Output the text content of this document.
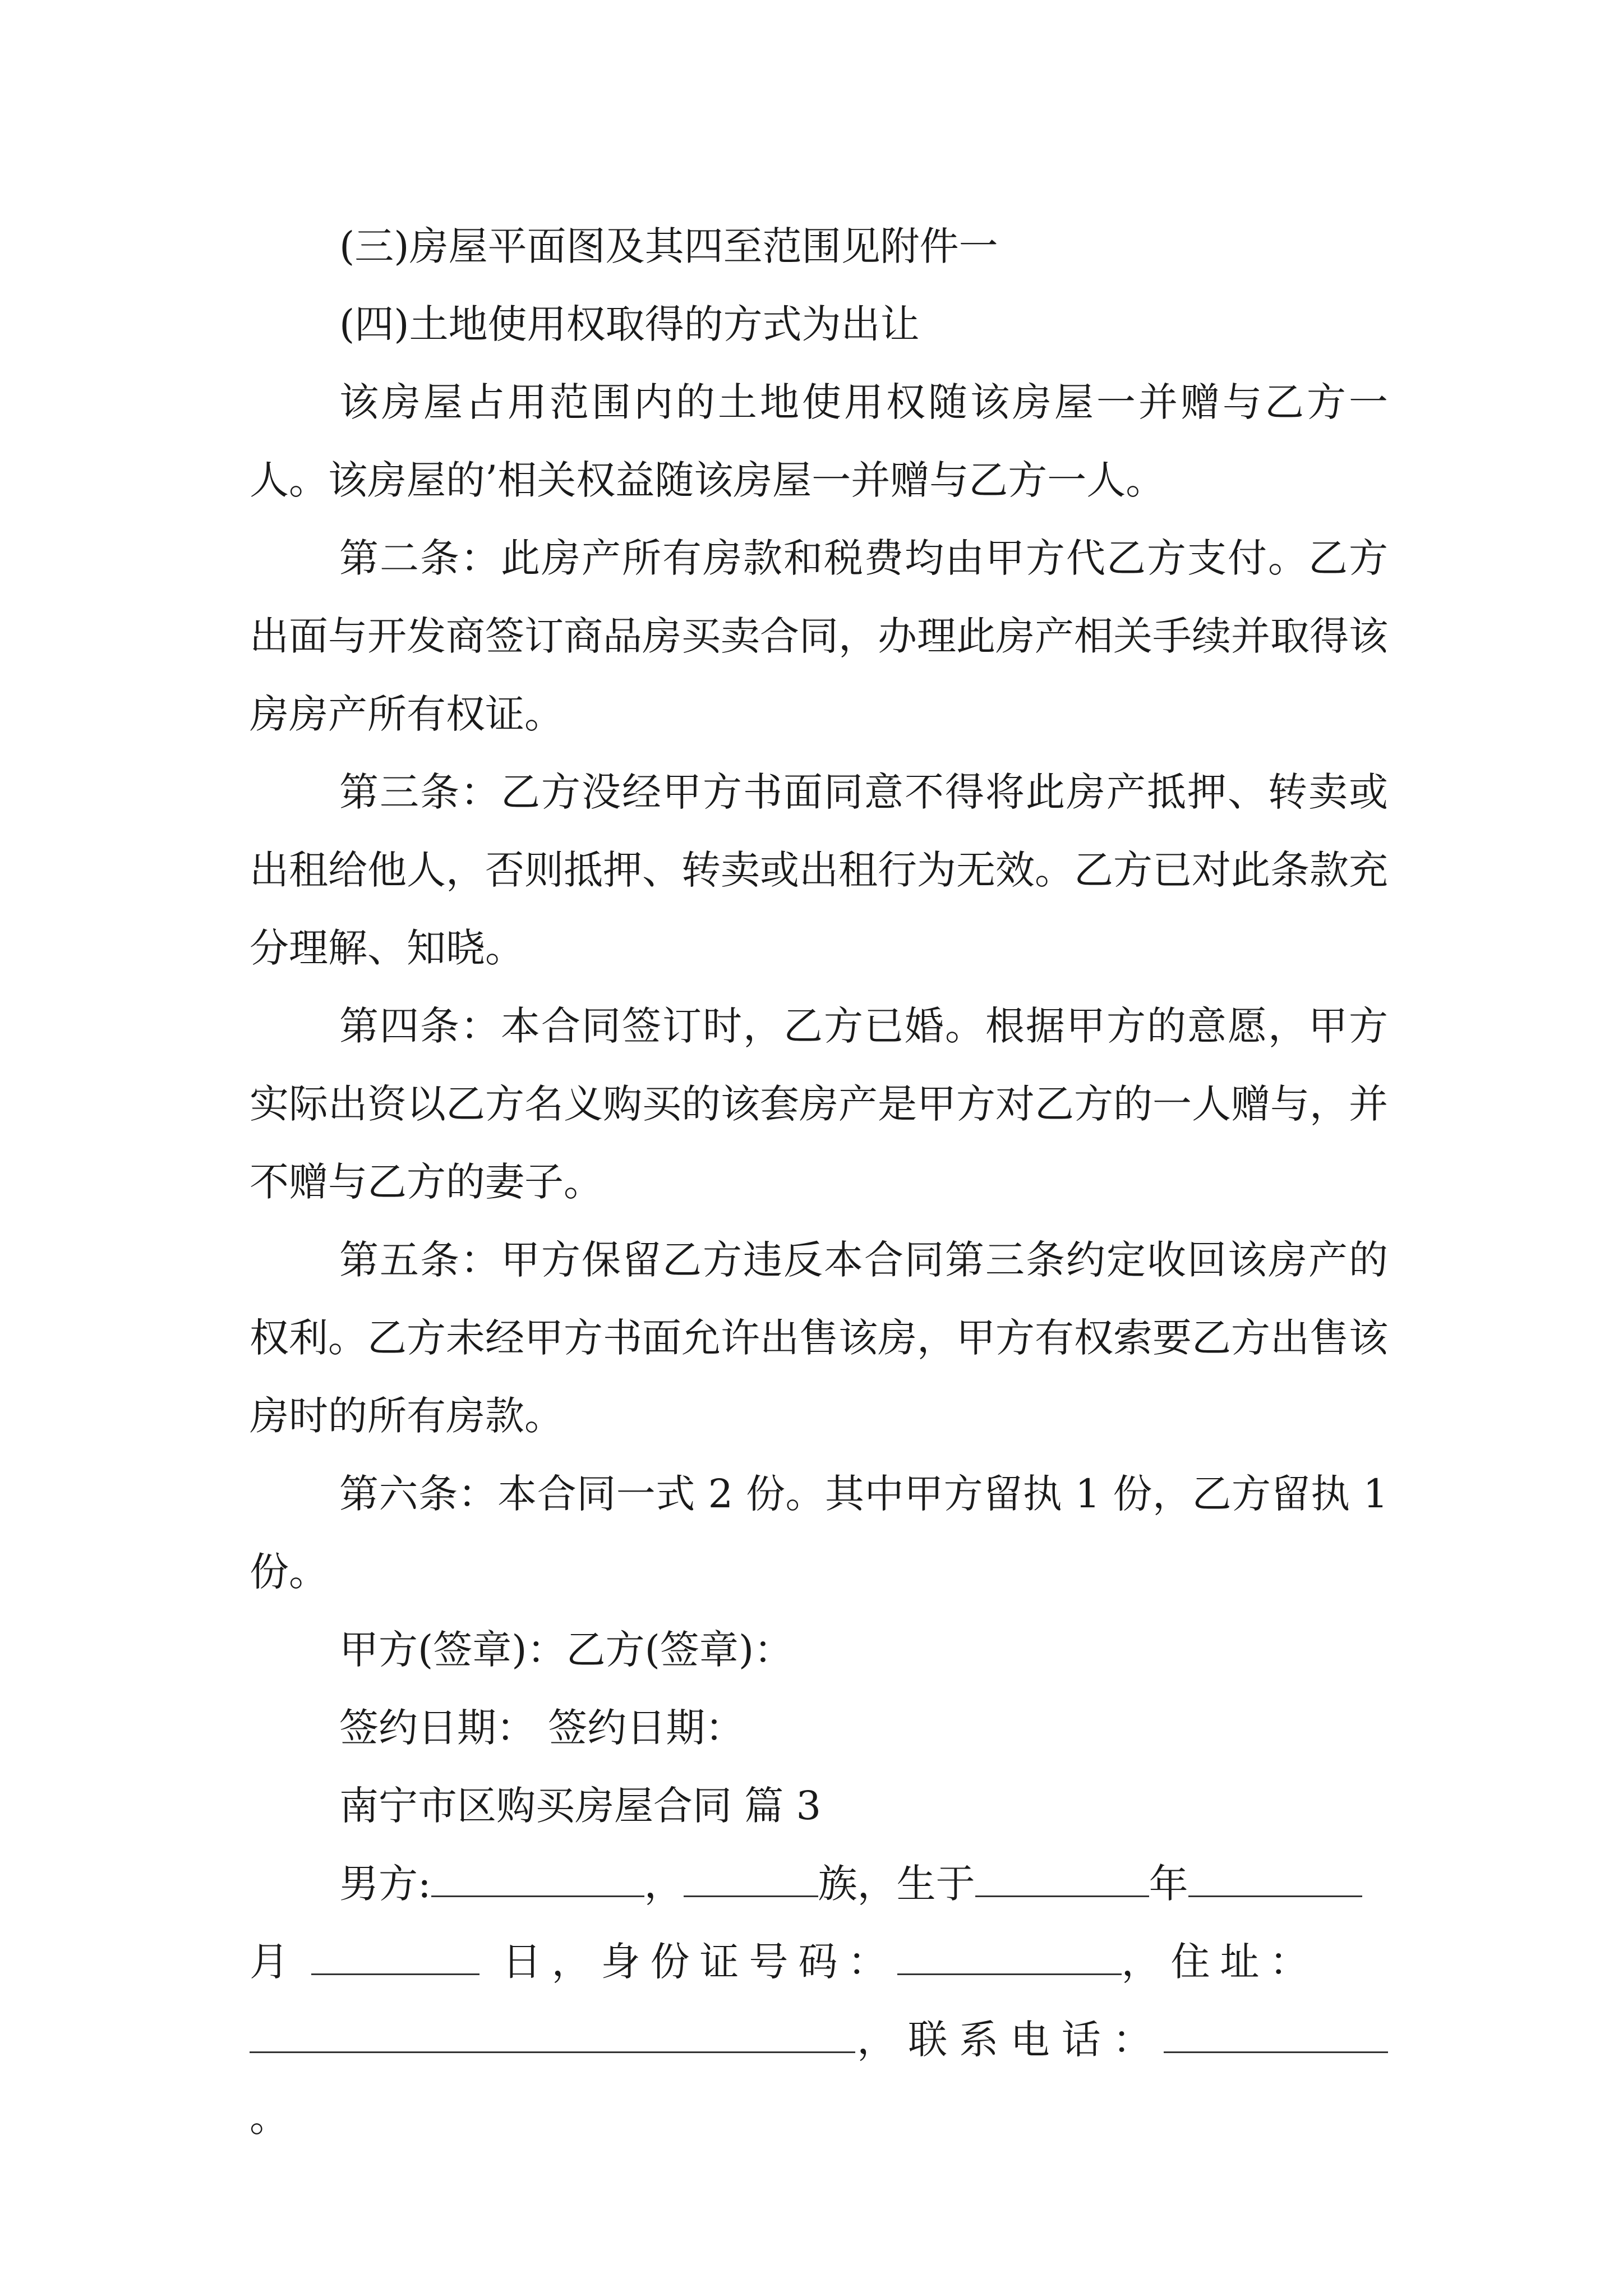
(三)房屋平面图及其四至范围见附件一

(四)土地使用权取得的方式为出让

该房屋占用范围内的土地使用权随该房屋一并赠与乙方一人。该房屋的’相关权益随该房屋一并赠与乙方一人。

第二条：此房产所有房款和税费均由甲方代乙方支付。乙方出面与开发商签订商品房买卖合同，办理此房产相关手续并取得该房房产所有权证。

第三条：乙方没经甲方书面同意不得将此房产抵押、转卖或出租给他人，否则抵押、转卖或出租行为无效。乙方已对此条款充分理解、知晓。

第四条：本合同签订时，乙方已婚。根据甲方的意愿，甲方实际出资以乙方名义购买的该套房产是甲方对乙方的一人赠与，并不赠与乙方的妻子。

第五条：甲方保留乙方违反本合同第三条约定收回该房产的权利。乙方未经甲方书面允许出售该房，甲方有权索要乙方出售该房时的所有房款。

第六条：本合同一式 2 份。其中甲方留执 1 份，乙方留执 1 份。

甲方(签章)：乙方(签章)：

签约日期： 签约日期：

南宁市区购买房屋合同 篇 3

男方:	，	族，生于	年
月	日，身份证号码：	，住址：
，联系电话：。
